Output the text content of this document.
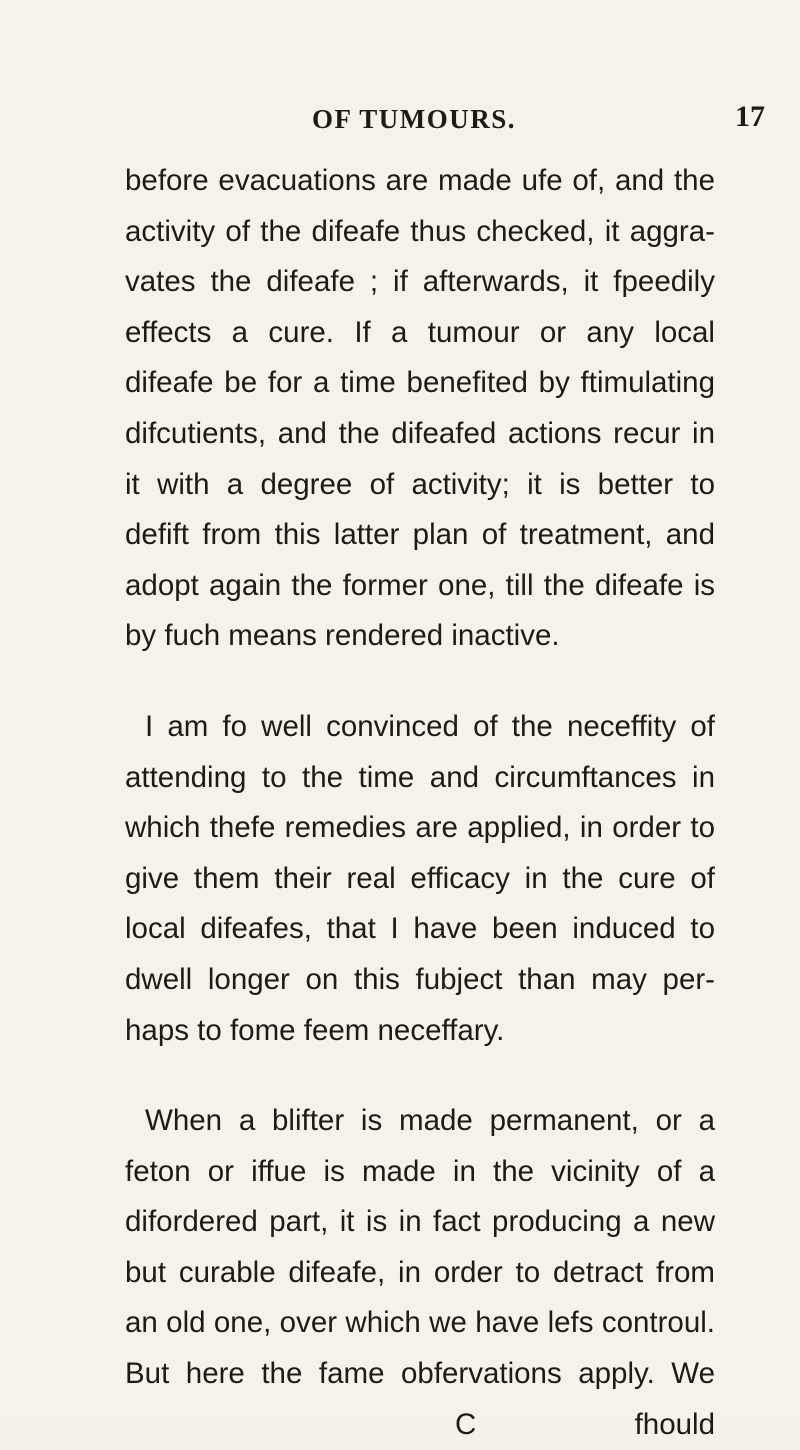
OF TUMOURS.	17
before evacuations are made ufe of, and the
activity of the difeafe thus checked, it aggra-
vates the difeafe ; if afterwards, it fpeedily
effects a cure. If a tumour or any local
difeafe be for a time benefited by ftimulating
difcutients, and the difeafed actions recur in
it with a degree of activity; it is better to
defift from this latter plan of treatment, and
adopt again the former one, till the difeafe is
by fuch means rendered inactive.
I am fo well convinced of the neceffity of
attending to the time and circumftances in
which thefe remedies are applied, in order to
give them their real efficacy in the cure of
local difeafes, that I have been induced to
dwell longer on this fubject than may per-
haps to fome feem neceffary.
When a blifter is made permanent, or a
feton or iffue is made in the vicinity of a
difordered part, it is in fact producing a new
but curable difeafe, in order to detract from
an old one, over which we have lefs controul.
But here the fame obfervations apply. We
C	fhould
